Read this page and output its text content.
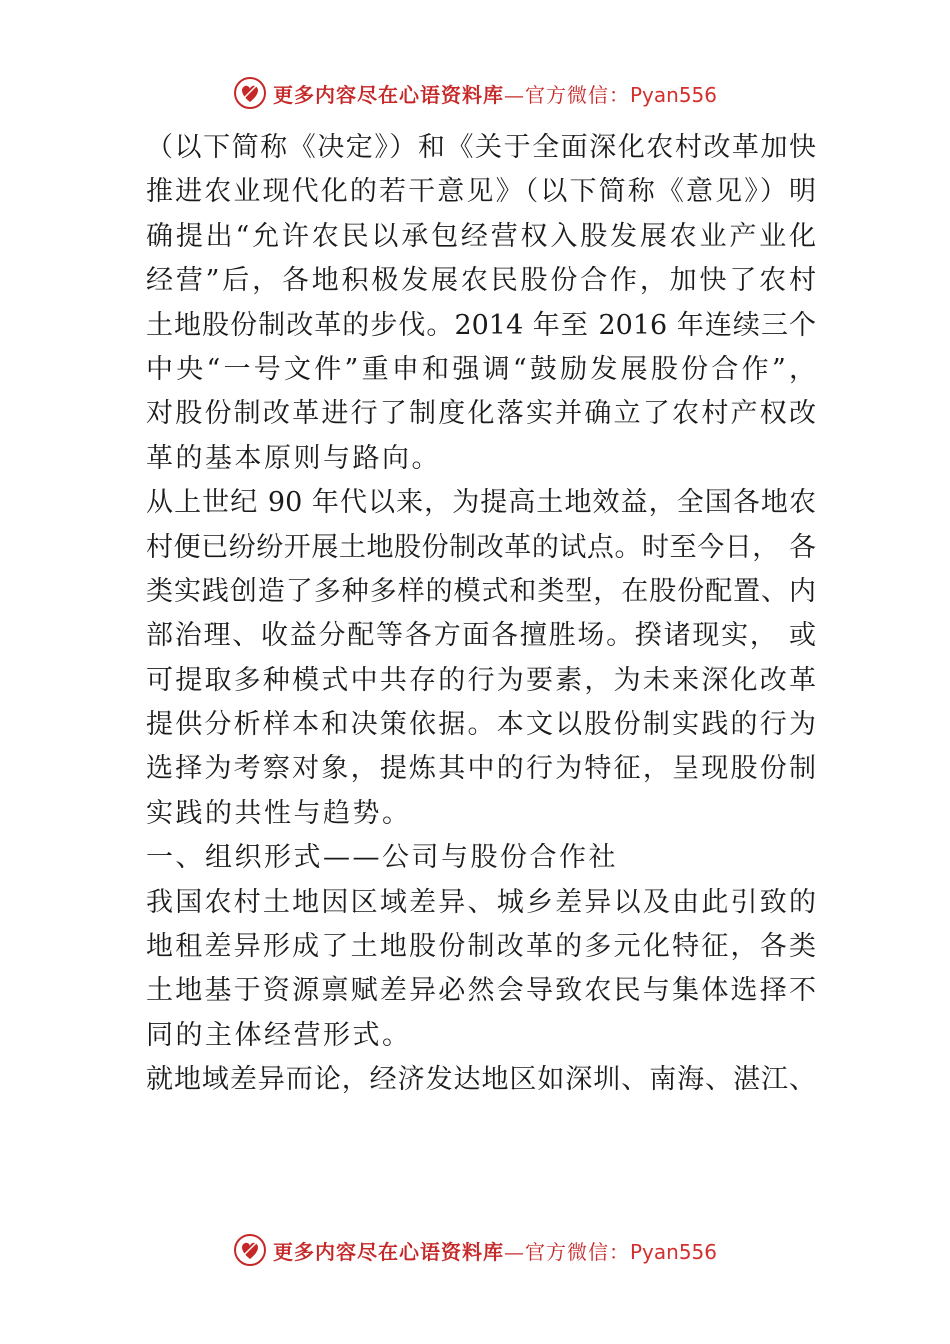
更多内容尽在心语资料库—官方微信：Pyan556
（以下简称《决定》）和《关于全面深化农村改革加快
推进农业现代化的若干意见》（以下简称《意见》）明
确提出“允许农民以承包经营权入股发展农业产业化
经营”后，各地积极发展农民股份合作，加快了农村
土地股份制改革的步伐。2014 年至 2016 年连续三个
中央“一号文件”重申和强调“鼓励发展股份合作”，
对股份制改革进行了制度化落实并确立了农村产权改
革的基本原则与路向。
从上世纪 90 年代以来，为提高土地效益，全国各地农
村便已纷纷开展土地股份制改革的试点。时至今日， 各
类实践创造了多种多样的模式和类型，在股份配置、内
部治理、收益分配等各方面各擅胜场。揆诸现实， 或
可提取多种模式中共存的行为要素，为未来深化改革
提供分析样本和决策依据。本文以股份制实践的行为
选择为考察对象，提炼其中的行为特征，呈现股份制
实践的共性与趋势。
一、组织形式——公司与股份合作社
我国农村土地因区域差异、城乡差异以及由此引致的
地租差异形成了土地股份制改革的多元化特征，各类
土地基于资源禀赋差异必然会导致农民与集体选择不
同的主体经营形式。
就地域差异而论，经济发达地区如深圳、南海、湛江、
更多内容尽在心语资料库—官方微信：Pyan556
